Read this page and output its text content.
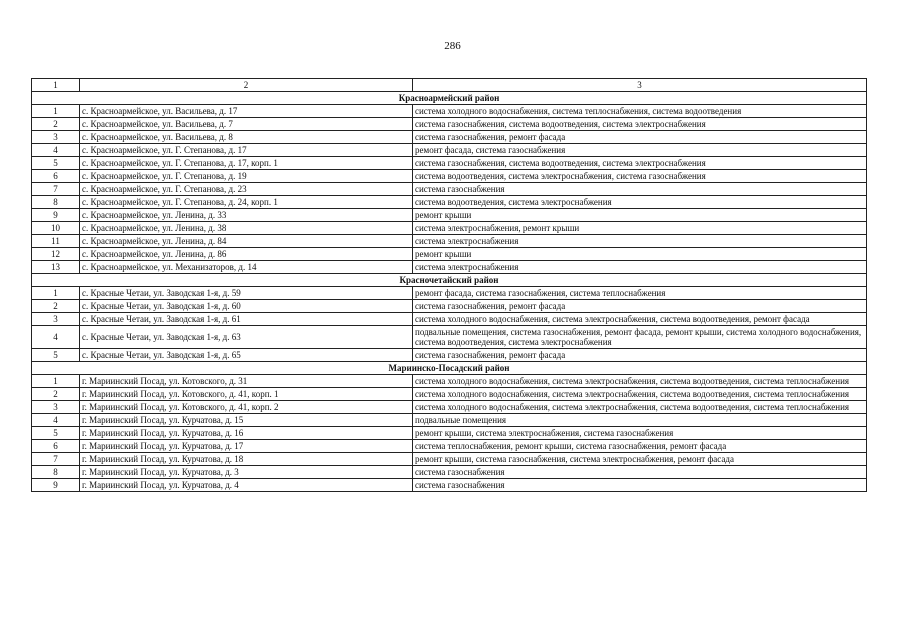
286
1	2	3
Красноармейский район		
1	с. Красноармейское, ул. Васильева, д. 17	система холодного водоснабжения, система теплоснабжения, система водоотведения
2	с. Красноармейское, ул. Васильева, д. 7	система газоснабжения, система водоотведения, система электроснабжения
3	с. Красноармейское, ул. Васильева, д. 8	система газоснабжения, ремонт фасада
4	с. Красноармейское, ул. Г. Степанова, д. 17	ремонт фасада, система газоснабжения
5	с. Красноармейское, ул. Г. Степанова, д. 17, корп. 1	система газоснабжения, система водоотведения, система электроснабжения
6	с. Красноармейское, ул. Г. Степанова, д. 19	система водоотведения, система электроснабжения, система газоснабжения
7	с. Красноармейское, ул. Г. Степанова, д. 23	система газоснабжения
8	с. Красноармейское, ул. Г. Степанова, д. 24, корп. 1	система водоотведения, система электроснабжения
9	с. Красноармейское, ул. Ленина, д. 33	ремонт крыши
10	с. Красноармейское, ул. Ленина, д. 38	система электроснабжения, ремонт крыши
11	с. Красноармейское, ул. Ленина, д. 84	система электроснабжения
12	с. Красноармейское, ул. Ленина, д. 86	ремонт крыши
13	с. Красноармейское, ул. Механизаторов, д. 14	система электроснабжения
Красночетайский район		
1	с. Красные Четаи, ул. Заводская 1-я, д. 59	ремонт фасада, система газоснабжения, система теплоснабжения
2	с. Красные Четаи, ул. Заводская 1-я, д. 60	система газоснабжения, ремонт фасада
3	с. Красные Четаи, ул. Заводская 1-я, д. 61	система холодного водоснабжения, система электроснабжения, система водоотведения, ремонт фасада
4	с. Красные Четаи, ул. Заводская 1-я, д. 63	подвальные помещения, система газоснабжения, ремонт фасада, ремонт крыши, система холодного водоснабжения, система водоотведения, система электроснабжения
5	с. Красные Четаи, ул. Заводская 1-я, д. 65	система газоснабжения, ремонт фасада
Мариинско-Посадский район		
1	г. Мариинский Посад, ул. Котовского, д. 31	система холодного водоснабжения, система электроснабжения, система водоотведения, система теплоснабжения
2	г. Мариинский Посад, ул. Котовского, д. 41, корп. 1	система холодного водоснабжения, система электроснабжения, система водоотведения, система теплоснабжения
3	г. Мариинский Посад, ул. Котовского, д. 41, корп. 2	система холодного водоснабжения, система электроснабжения, система водоотведения, система теплоснабжения
4	г. Мариинский Посад, ул. Курчатова, д. 15	подвальные помещения
5	г. Мариинский Посад, ул. Курчатова, д. 16	ремонт крыши, система электроснабжения, система газоснабжения
6	г. Мариинский Посад, ул. Курчатова, д. 17	система теплоснабжения, ремонт крыши, система газоснабжения, ремонт фасада
7	г. Мариинский Посад, ул. Курчатова, д. 18	ремонт крыши, система газоснабжения, система электроснабжения, ремонт фасада
8	г. Мариинский Посад, ул. Курчатова, д. 3	система газоснабжения
9	г. Мариинский Посад, ул. Курчатова, д. 4	система газоснабжения
